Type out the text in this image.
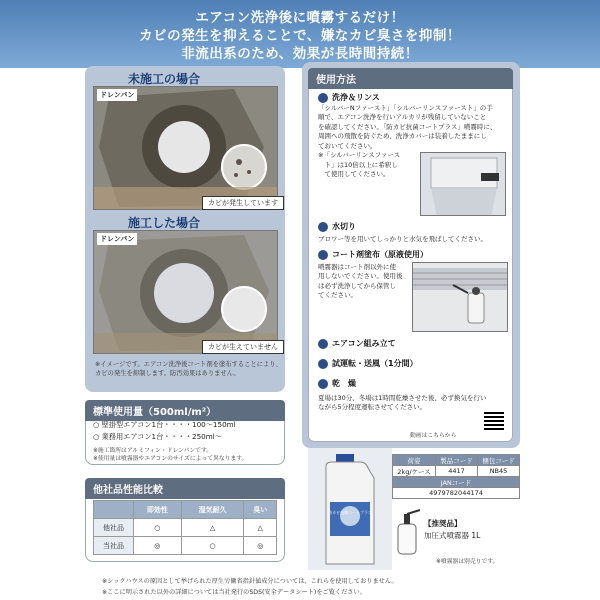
エアコン洗浄後に噴霧するだけ！
カビの発生を抑えることで、嫌なカビ臭さを抑制！
非流出系のため、効果が長時間持続！
未施工の場合
ドレンパン
カビが発生しています
施工した場合
ドレンパン
カビが生えていません
※イメージです。エアコン洗浄後コート剤を塗布することにより、カビの発生を抑制します。防汚効果はありません。
標準使用量（500ml/m²）
○ 壁掛型エアコン1台・・・・100〜150ml
○ 業務用エアコン1台・・・・250ml〜
※施工箇所はアルミフィン・ドレンパンです。
※使用量は噴霧器やエアコンのサイズによって異なります。
他社品性能比較
	即効性	湿気耐久	臭い
他社品	○	△	△
当社品	◎	○	◎
使用方法
洗浄＆リンス
「シルバーNファースト」「シルバーリンスファースト」の手
順で、エアコン洗浄を行いアルカリが残留していないこと
を確認してください。「防カビ抗菌コートプラス」噴霧時に、
周囲への飛散を防ぐため、洗浄カバーは装着したままにし
ておいてください。
※「シルバーリンスファース
　ト」は10倍以上に希釈し
　て使用してください。
水切り
ブロワー等を用いてしっかりと水気を飛ばしてください。
コート剤塗布（原液使用）
噴霧器はコート剤以外に使
用しないでください。使用後
は必ず洗浄してから保管し
てください。
エアコン組み立て
試運転・送風（1分間）
乾　燥
夏場は30分、冬場は1時間乾燥させた後、必ず換気を行い
ながら5分程度運転させてください。
動画はこちらから
防カビ抗菌コートプラス
荷姿	製品コード	梱包コード
2kg/ケース	4417	NB45
JANコード		
4979782044174		
【推奨品】
加圧式噴霧器 1L
※噴霧器は別売りです。
※シックハウスの原因として挙げられた厚生労働省指針値成分については、これらを使用しておりません。
※ここに明示された以外の詳細については当社発行のSDS(安全データシート)をご覧ください。
